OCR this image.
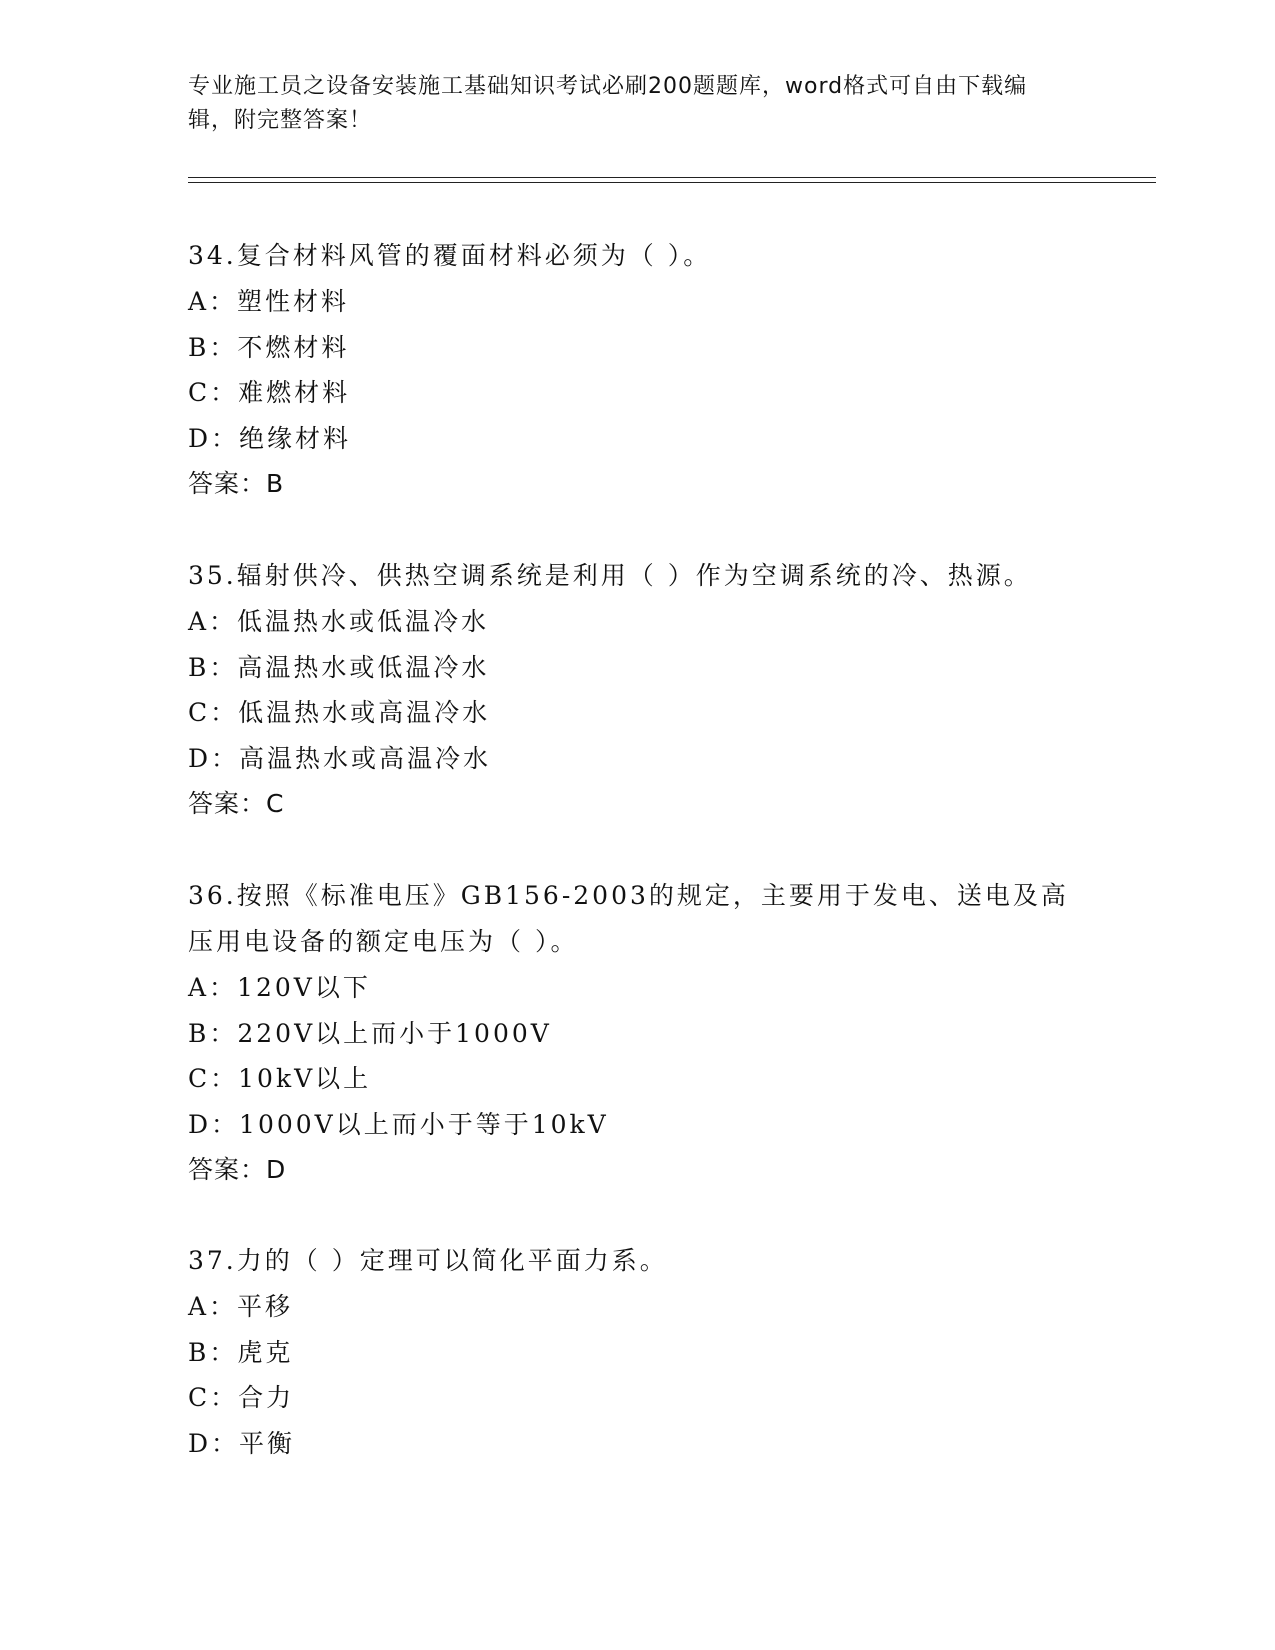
专业施工员之设备安装施工基础知识考试必刷200题题库，word格式可自由下载编辑，附完整答案！

34.复合材料风管的覆面材料必须为（ ）。

A：塑性材料

B：不燃材料

C：难燃材料

D：绝缘材料

答案：B

35.辐射供冷、供热空调系统是利用（ ）作为空调系统的冷、热源。

A：低温热水或低温冷水

B：高温热水或低温冷水

C：低温热水或高温冷水

D：高温热水或高温冷水

答案：C

36.按照《标准电压》GB156-2003的规定，主要用于发电、送电及高压用电设备的额定电压为（ ）。

A：120V以下

B：220V以上而小于1000V

C：10kV以上

D：1000V以上而小于等于10kV

答案：D

37.力的（ ）定理可以简化平面力系。

A：平移

B：虎克

C：合力

D：平衡
